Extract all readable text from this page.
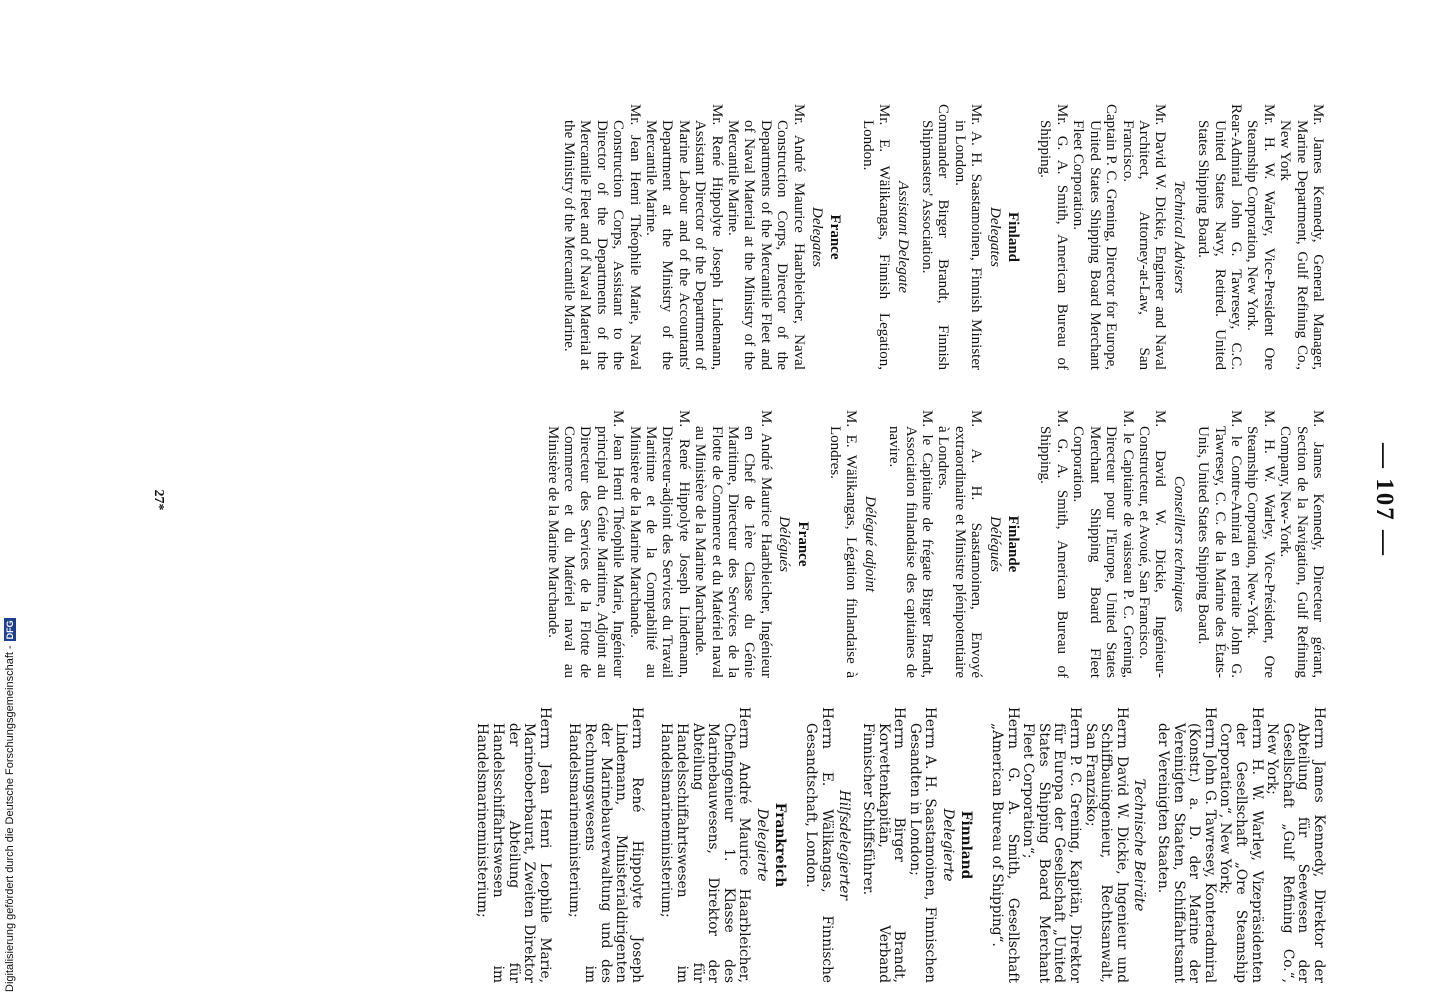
— 107 —

Mr. James Kennedy, General Manager, Marine Department, Gulf Refining Co., New York

Mr. H. W. Warley, Vice-President Ore Steamship Corporation, New York.

Rear-Admiral John G. Tawresey, C.C. United States Navy, Retired. United States Shipping Board.

Technical Advisers

Mr. David W. Dickie, Engineer and Naval Architect, Attorney-at-Law, San Francisco.

Captain P. C. Grening, Director for Europe, United States Shipping Board Merchant Fleet Corporation.

Mr. G. A. Smith, American Bureau of Shipping.

Finland
Delegates

Mr. A. H. Saastamoinen, Finnish Minister in London.

Commander Birger Brandt, Finnish Shipmasters' Association.

Assistant Delegate

Mr. E. Wälikangas, Finnish Legation, London.

France
Delegates

Mr. André Maurice Haarbleicher, Naval Construction Corps, Director of the Departments of the Mercantile Fleet and of Naval Material at the Ministry of the Mercantile Marine.

Mr. René Hippolyte Joseph Lindemann, Assistant Director of the Department of Marine Labour and of the Accountants' Department at the Ministry of the Mercantile Marine.

Mr. Jean Henri Théophile Marie, Naval Construction Corps, Assistant to the Director of the Departments of the Mercantile Fleet and of Naval Material at the Ministry of the Mercantile Marine.

M. James Kennedy, Directeur gérant, Section de la Navigation, Gulf Refining Company, New-York.

M. H. W. Warley, Vice-Président, Ore Steamship Corporation, New-York.

M. le Contre-Amiral en retraite John G. Tawresey, C. C. de la Marine des États-Unis, United States Shipping Board.

Conseillers techniques

M. David W. Dickie, Ingénieur-Constructeur, et Avoué, San Francisco.

M. le Capitaine de vaisseau P. C. Grening, Directeur pour l'Europe, United States Merchant Shipping Board Fleet Corporation.

M. G. A. Smith, American Bureau of Shipping.

Finlande
Délégués

M. A. H. Saastamoinen, Envoyé extraordinaire et Ministre plénipotentiaire à Londres.

M. le Capitaine de frégate Birger Brandt, Association finlandaise des capitaines de navire.

Délégué adjoint

M. E. Wälikangas, Légation finlandaise à Londres.

France
Délégués

M. André Maurice Haarbleicher, Ingénieur en Chef de 1ère Classe du Génie Maritime, Directeur des Services de la Flotte de Commerce et du Matériel naval au Ministère de la Marine Marchande.

M. René Hippolyte Joseph Lindemann, Directeur-adjoint des Services du Travail Maritime et de la Comptabilité au Ministère de la Marine Marchande.

M. Jean Henri Théophile Marie, Ingénieur principal du Génie Maritime, Adjoint au Directeur des Services de la Flotte de Commerce et du Matériel naval au Ministère de la Marine Marchande.

Herrn James Kennedy, Direktor der Abteilung für Seewesen der Gesellschaft „Gulf Refining Co.“, New York;

Herrn H. W. Warley, Vizepräsidenten der Gesellschaft „Ore Steamship Corporation“, New York;

Herrn John G. Tawresey, Konteradmiral (Konstr.) a. D. der Marine der Vereinigten Staaten, Schiffahrtsamt der Vereinigten Staaten.

Technische Beiräte

Herrn David W. Dickie, Ingenieur und Schiffbauingenieur, Rechtsanwalt, San Franzisko;

Herrn P. C. Grening, Kapitän, Direktor für Europa der Gesellschaft „United States Shipping Board Merchant Fleet Corporation“;

Herrn G. A. Smith, Gesellschaft „American Bureau of Shipping“.

Finnland
Delegierte

Herrn A. H. Saastamoinen, Finnischen Gesandten in London;

Herrn Birger Brandt, Korvettenkapitän, Verband Finnischer Schiffsführer.

Hilfsdelegierter

Herrn E. Wälikangas, Finnische Gesandtschaft, London.

Frankreich
Delegierte

Herrn André Maurice Haarbleicher, Chefingenieur 1. Klasse des Marinebauwesens, Direktor der Abteilung für Handelsschiffahrtswesen im Handelsmarineministerium;

Herrn René Hippolyte Joseph Lindemann, Ministerialdirigenten der Marinebauverwaltung und des Rechnungswesens im Handelsmarineministerium;

Herrn Jean Henri Leophile Marie, Marineoberbaurat, Zweiten Direktor der Abteilung für Handelsschiffahrtswesen im Handelsmarineministerium;

27*
Digitalisierung gefördert durch die Deutsche Forschungsgemeinschaft -DFG
